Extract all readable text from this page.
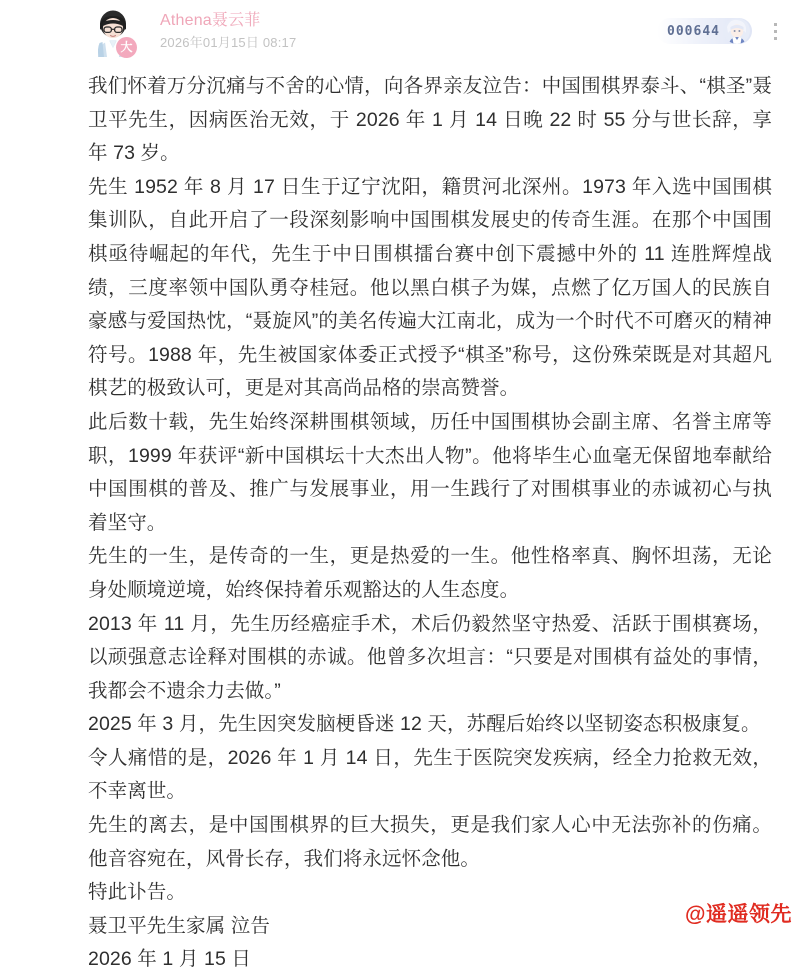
大
Athena聂云菲
2026年01月15日 08:17
000644

我们怀着万分沉痛与不舍的心情，向各界亲友泣告：中国围棋界泰斗、“棋圣”聂卫平先生，因病医治无效，于 2026 年 1 月 14 日晚 22 时 55 分与世长辞，享年 73 岁。

先生 1952 年 8 月 17 日生于辽宁沈阳，籍贯河北深州。1973 年入选中国围棋集训队，自此开启了一段深刻影响中国围棋发展史的传奇生涯。在那个中国围棋亟待崛起的年代，先生于中日围棋擂台赛中创下震撼中外的 11 连胜辉煌战绩，三度率领中国队勇夺桂冠。他以黑白棋子为媒，点燃了亿万国人的民族自豪感与爱国热忱，“聂旋风”的美名传遍大江南北，成为一个时代不可磨灭的精神符号。1988 年，先生被国家体委正式授予“棋圣”称号，这份殊荣既是对其超凡棋艺的极致认可，更是对其高尚品格的崇高赞誉。

此后数十载，先生始终深耕围棋领域，历任中国围棋协会副主席、名誉主席等职，1999 年获评“新中国棋坛十大杰出人物”。他将毕生心血毫无保留地奉献给中国围棋的普及、推广与发展事业，用一生践行了对围棋事业的赤诚初心与执着坚守。

先生的一生，是传奇的一生，更是热爱的一生。他性格率真、胸怀坦荡，无论身处顺境逆境，始终保持着乐观豁达的人生态度。

2013 年 11 月，先生历经癌症手术，术后仍毅然坚守热爱、活跃于围棋赛场，以顽强意志诠释对围棋的赤诚。他曾多次坦言：“只要是对围棋有益处的事情，我都会不遗余力去做。”

2025 年 3 月，先生因突发脑梗昏迷 12 天，苏醒后始终以坚韧姿态积极康复。

令人痛惜的是，2026 年 1 月 14 日，先生于医院突发疾病，经全力抢救无效，不幸离世。

先生的离去，是中国围棋界的巨大损失，更是我们家人心中无法弥补的伤痛。他音容宛在，风骨长存，我们将永远怀念他。

特此讣告。

聂卫平先生家属 泣告

2026 年 1 月 15 日

@遥遥领先
